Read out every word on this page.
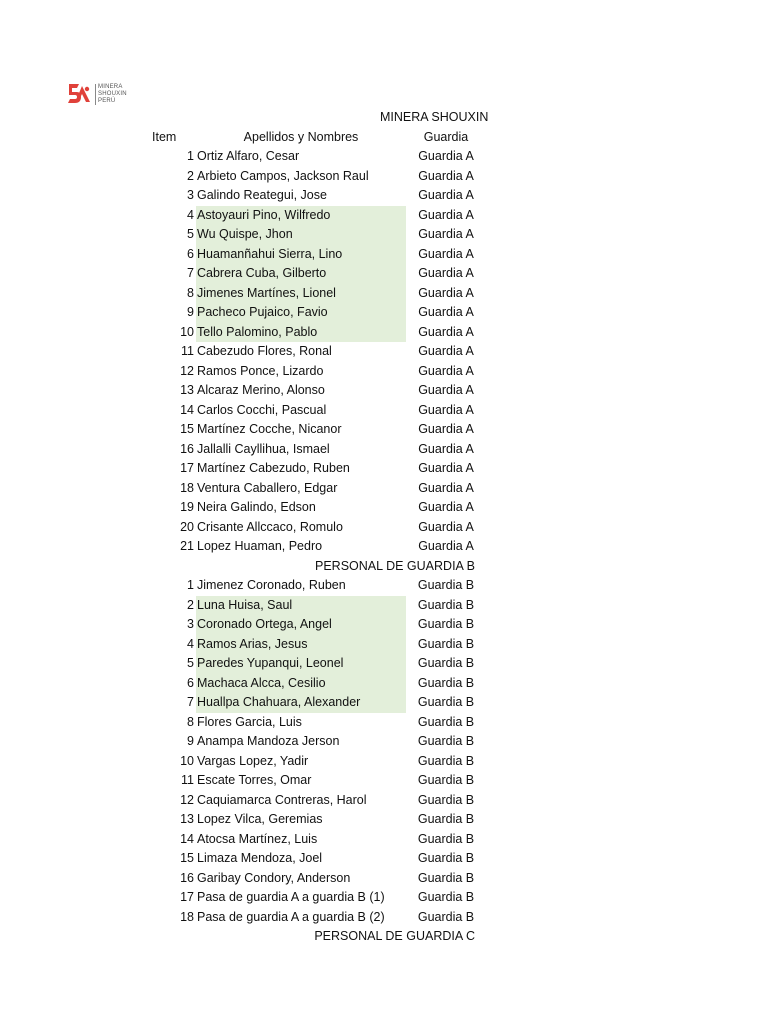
MINERA
SHOUXIN
PERÚ
MINERA SHOUXIN
Item	Apellidos y Nombres	Guardia
1 Ortiz Alfaro, Cesar	Guardia A
2 Arbieto Campos, Jackson Raul	Guardia A
3 Galindo Reategui, Jose	Guardia A
4 Astoyauri Pino, Wilfredo	Guardia A
5 Wu Quispe, Jhon	Guardia A
6 Huamanñahui Sierra, Lino	Guardia A
7 Cabrera Cuba, Gilberto	Guardia A
8 Jimenes Martínes, Lionel	Guardia A
9 Pacheco Pujaico, Favio	Guardia A
10 Tello Palomino, Pablo	Guardia A
11 Cabezudo Flores, Ronal	Guardia A
12 Ramos Ponce, Lizardo	Guardia A
13 Alcaraz Merino, Alonso	Guardia A
14 Carlos Cocchi, Pascual	Guardia A
15 Martínez Cocche, Nicanor	Guardia A
16 Jallalli Cayllihua, Ismael	Guardia A
17 Martínez Cabezudo, Ruben	Guardia A
18 Ventura Caballero, Edgar	Guardia A
19 Neira Galindo, Edson	Guardia A
20 Crisante Allccaco, Romulo	Guardia A
21 Lopez Huaman, Pedro	Guardia A
PERSONAL DE GUARDIA B
1 Jimenez Coronado, Ruben	Guardia B
2 Luna Huisa, Saul	Guardia B
3 Coronado Ortega, Angel	Guardia B
4 Ramos Arias, Jesus	Guardia B
5 Paredes Yupanqui, Leonel	Guardia B
6 Machaca Alcca, Cesilio	Guardia B
7 Huallpa Chahuara, Alexander	Guardia B
8 Flores Garcia, Luis	Guardia B
9 Anampa Mandoza Jerson	Guardia B
10 Vargas Lopez, Yadir	Guardia B
11 Escate Torres, Omar	Guardia B
12 Caquiamarca Contreras, Harol	Guardia B
13 Lopez Vilca, Geremias	Guardia B
14 Atocsa Martínez, Luis	Guardia B
15 Limaza Mendoza, Joel	Guardia B
16 Garibay Condory, Anderson	Guardia B
17 Pasa de guardia A a guardia B (1)	Guardia B
18 Pasa de guardia A a guardia B (2)	Guardia B
PERSONAL DE GUARDIA C
